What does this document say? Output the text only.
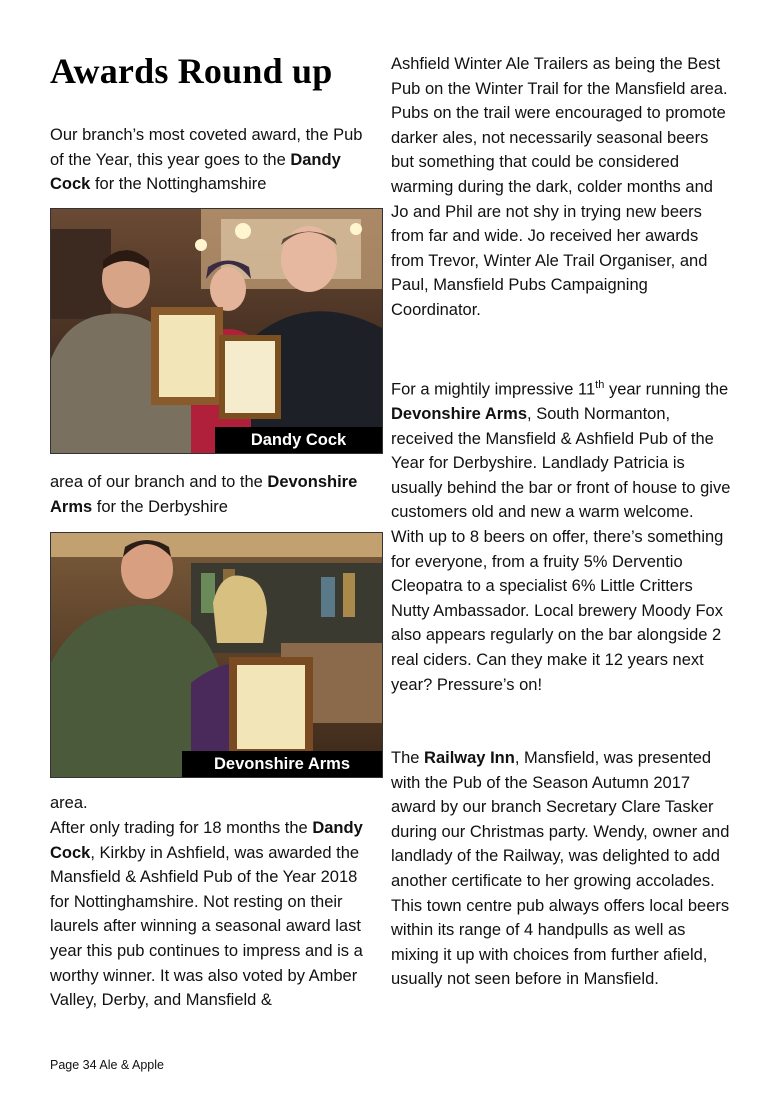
Awards Round up

Our branch’s most coveted award, the Pub of the Year, this year goes to the Dandy Cock for the Nottinghamshire

Dandy Cock

area of our branch and to the Devonshire Arms for the Derbyshire

Devonshire Arms

area.

After only trading for 18 months the Dandy Cock, Kirkby in Ashfield, was awarded the Mansfield & Ashfield Pub of the Year 2018 for Nottinghamshire. Not resting on their laurels after winning a seasonal award last year this pub continues to impress and is a worthy winner. It was also voted by Amber Valley, Derby, and Mansfield &

Ashfield Winter Ale Trailers as being the Best Pub on the Winter Trail for the Mansfield area. Pubs on the trail were encouraged to promote darker ales, not necessarily seasonal beers but something that could be considered warming during the dark, colder months and Jo and Phil are not shy in trying new beers from far and wide. Jo received her awards from Trevor, Winter Ale Trail Organiser, and Paul, Mansfield Pubs Campaigning Coordinator.

For a mightily impressive 11th year running the Devonshire Arms, South Normanton, received the Mansfield & Ashfield Pub of the Year for Derbyshire. Landlady Patricia is usually behind the bar or front of house to give customers old and new a warm welcome. With up to 8 beers on offer, there’s something for everyone, from a fruity 5% Derventio Cleopatra to a specialist 6% Little Critters Nutty Ambassador. Local brewery Moody Fox also appears regularly on the bar alongside 2 real ciders. Can they make it 12 years next year? Pressure’s on!

The Railway Inn, Mansfield, was presented with the Pub of the Season Autumn 2017 award by our branch Secretary Clare Tasker during our Christmas party. Wendy, owner and landlady of the Railway, was delighted to add another certificate to her growing accolades. This town centre pub always offers local beers within its range of 4 handpulls as well as mixing it up with choices from further afield, usually not seen before in Mansfield.

Page 34 Ale & Apple
